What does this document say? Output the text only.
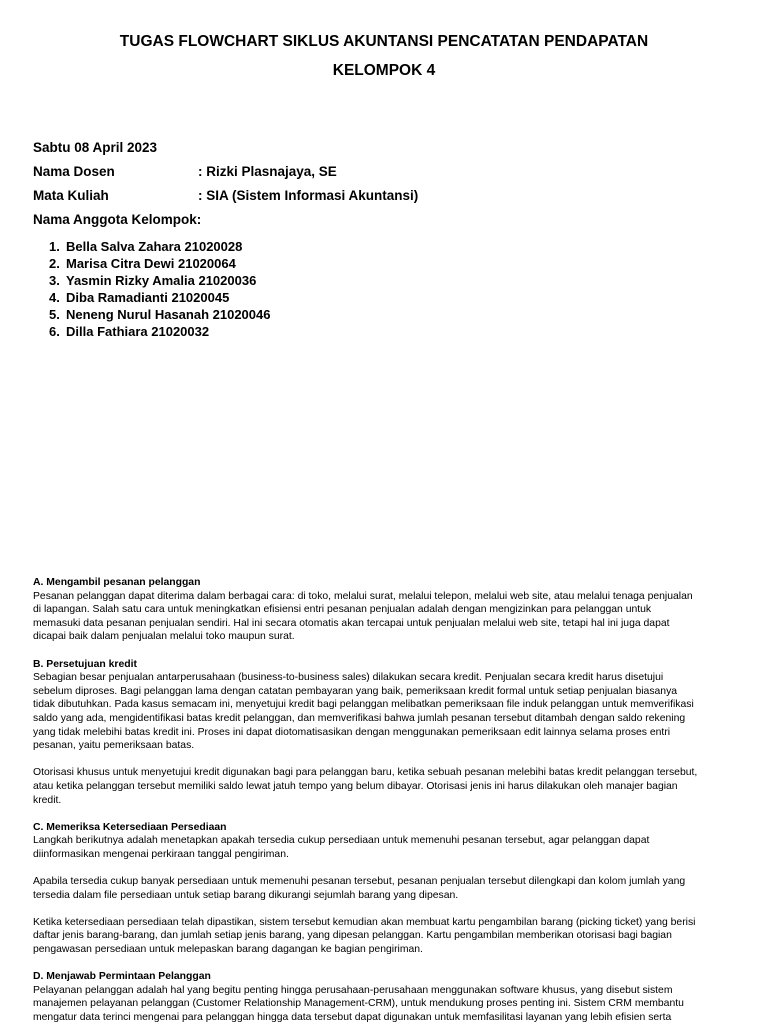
TUGAS FLOWCHART SIKLUS AKUNTANSI PENCATATAN PENDAPATAN
KELOMPOK 4
Sabtu 08 April 2023
Nama Dosen	: Rizki Plasnajaya, SE
Mata Kuliah	: SIA (Sistem Informasi Akuntansi)
Nama Anggota Kelompok:
1. Bella Salva Zahara 21020028
2. Marisa Citra Dewi 21020064
3. Yasmin Rizky Amalia 21020036
4. Diba Ramadianti 21020045
5. Neneng Nurul Hasanah 21020046
6. Dilla Fathiara 21020032
A. Mengambil pesanan pelanggan
Pesanan pelanggan dapat diterima dalam berbagai cara: di toko, melalui surat, melalui telepon, melalui web site, atau melalui tenaga penjualan
di lapangan. Salah satu cara untuk meningkatkan efisiensi entri pesanan penjualan adalah dengan mengizinkan para pelanggan untuk
memasuki data pesanan penjualan sendiri. Hal ini secara otomatis akan tercapai untuk penjualan melalui web site, tetapi hal ini juga dapat
dicapai baik dalam penjualan melalui toko maupun surat.
B. Persetujuan kredit
Sebagian besar penjualan antarperusahaan (business-to-business sales) dilakukan secara kredit. Penjualan secara kredit harus disetujui
sebelum diproses. Bagi pelanggan lama dengan catatan pembayaran yang baik, pemeriksaan kredit formal untuk setiap penjualan biasanya
tidak dibutuhkan. Pada kasus semacam ini, menyetujui kredit bagi pelanggan melibatkan pemeriksaan file induk pelanggan untuk memverifikasi
saldo yang ada, mengidentifikasi batas kredit pelanggan, dan memverifikasi bahwa jumlah pesanan tersebut ditambah dengan saldo rekening
yang tidak melebihi batas kredit ini. Proses ini dapat diotomatisasikan dengan menggunakan pemeriksaan edit lainnya selama proses entri
pesanan, yaitu pemeriksaan batas.
Otorisasi khusus untuk menyetujui kredit digunakan bagi para pelanggan baru, ketika sebuah pesanan melebihi batas kredit pelanggan tersebut,
atau ketika pelanggan tersebut memiliki saldo lewat jatuh tempo yang belum dibayar. Otorisasi jenis ini harus dilakukan oleh manajer bagian
kredit.
C. Memeriksa Ketersediaan Persediaan
Langkah berikutnya adalah menetapkan apakah tersedia cukup persediaan untuk memenuhi pesanan tersebut, agar pelanggan dapat
diinformasikan mengenai perkiraan tanggal pengiriman.
Apabila tersedia cukup banyak persediaan untuk memenuhi pesanan tersebut, pesanan penjualan tersebut dilengkapi dan kolom jumlah yang
tersedia dalam file persediaan untuk setiap barang dikurangi sejumlah barang yang dipesan.
Ketika ketersediaan persediaan telah dipastikan, sistem tersebut kemudian akan membuat kartu pengambilan barang (picking ticket) yang berisi
daftar jenis barang-barang, dan jumlah setiap jenis barang, yang dipesan pelanggan. Kartu pengambilan memberikan otorisasi bagi bagian
pengawasan persediaan untuk melepaskan barang dagangan ke bagian pengiriman.
D. Menjawab Permintaan Pelanggan
Pelayanan pelanggan adalah hal yang begitu penting hingga perusahaan-perusahaan menggunakan software khusus, yang disebut sistem
manajemen pelayanan pelanggan (Customer Relationship Management-CRM), untuk mendukung proses penting ini. Sistem CRM membantu
mengatur data terinci mengenai para pelanggan hingga data tersebut dapat digunakan untuk memfasilitasi layanan yang lebih efisien serta
